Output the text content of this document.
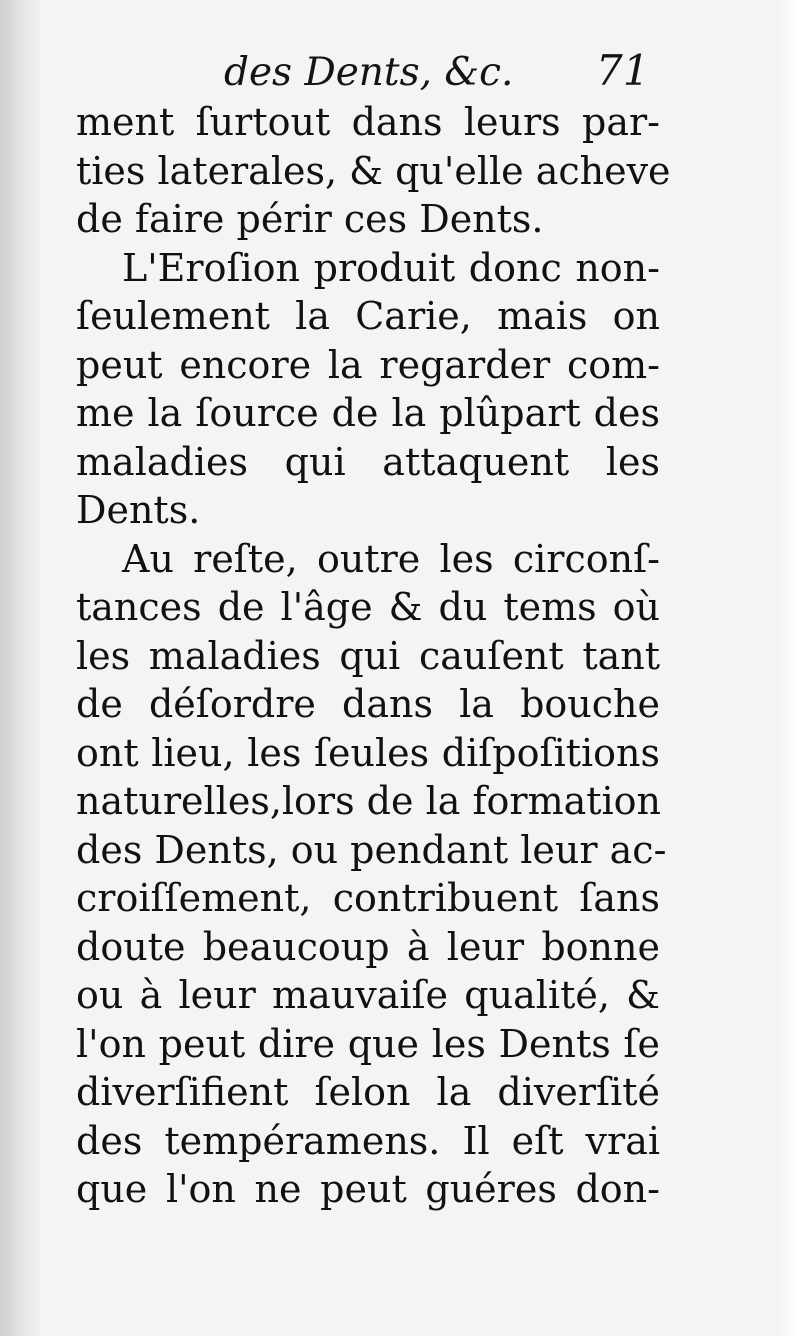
des Dents, &c. 71
ment ſurtout dans leurs par-
ties laterales, & qu'elle acheve
de faire périr ces Dents.
L'Eroſion produit donc non-
ſeulement la Carie, mais on
peut encore la regarder com-
me la ſource de la plûpart des
maladies qui attaquent les
Dents.
Au reſte, outre les circonſ-
tances de l'âge & du tems où
les maladies qui cauſent tant
de déſordre dans la bouche
ont lieu, les ſeules diſpoſitions
naturelles,lors de la formation
des Dents, ou pendant leur ac-
croiſſement, contribuent ſans
doute beaucoup à leur bonne
ou à leur mauvaiſe qualité, &
l'on peut dire que les Dents ſe
diverſifient ſelon la diverſité
des tempéramens. Il eſt vrai
que l'on ne peut guéres don-
